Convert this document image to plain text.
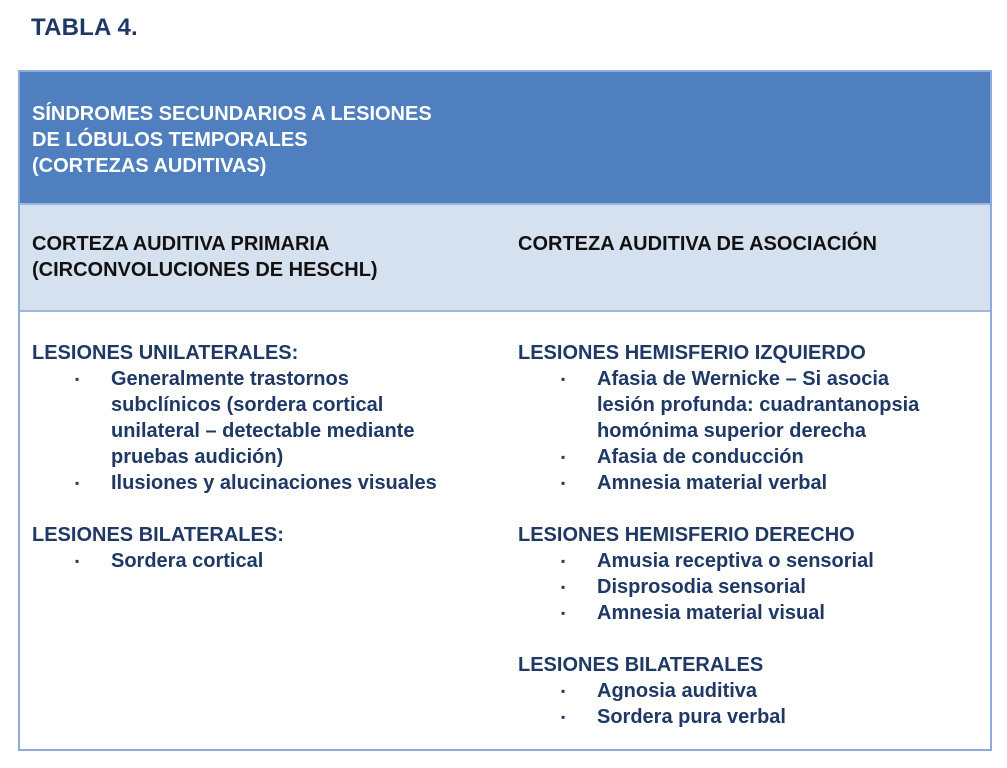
TABLA 4.

SÍNDROMES SECUNDARIOS A LESIONES
DE LÓBULOS TEMPORALES
(CORTEZAS AUDITIVAS)

CORTEZA AUDITIVA PRIMARIA
(CIRCONVOLUCIONES DE HESCHL)

CORTEZA AUDITIVA DE ASOCIACIÓN

LESIONES UNILATERALES:

▪ Generalmente trastornos
subclínicos (sordera cortical
unilateral – detectable mediante
pruebas audición)
▪ Ilusiones y alucinaciones visuales

LESIONES BILATERALES:

▪ Sordera cortical

LESIONES HEMISFERIO IZQUIERDO

▪ Afasia de Wernicke – Si asocia
lesión profunda: cuadrantanopsia
homónima superior derecha
▪ Afasia de conducción
▪ Amnesia material verbal

LESIONES HEMISFERIO DERECHO

▪ Amusia receptiva o sensorial
▪ Disprosodia sensorial
▪ Amnesia material visual

LESIONES BILATERALES

▪ Agnosia auditiva
▪ Sordera pura verbal
